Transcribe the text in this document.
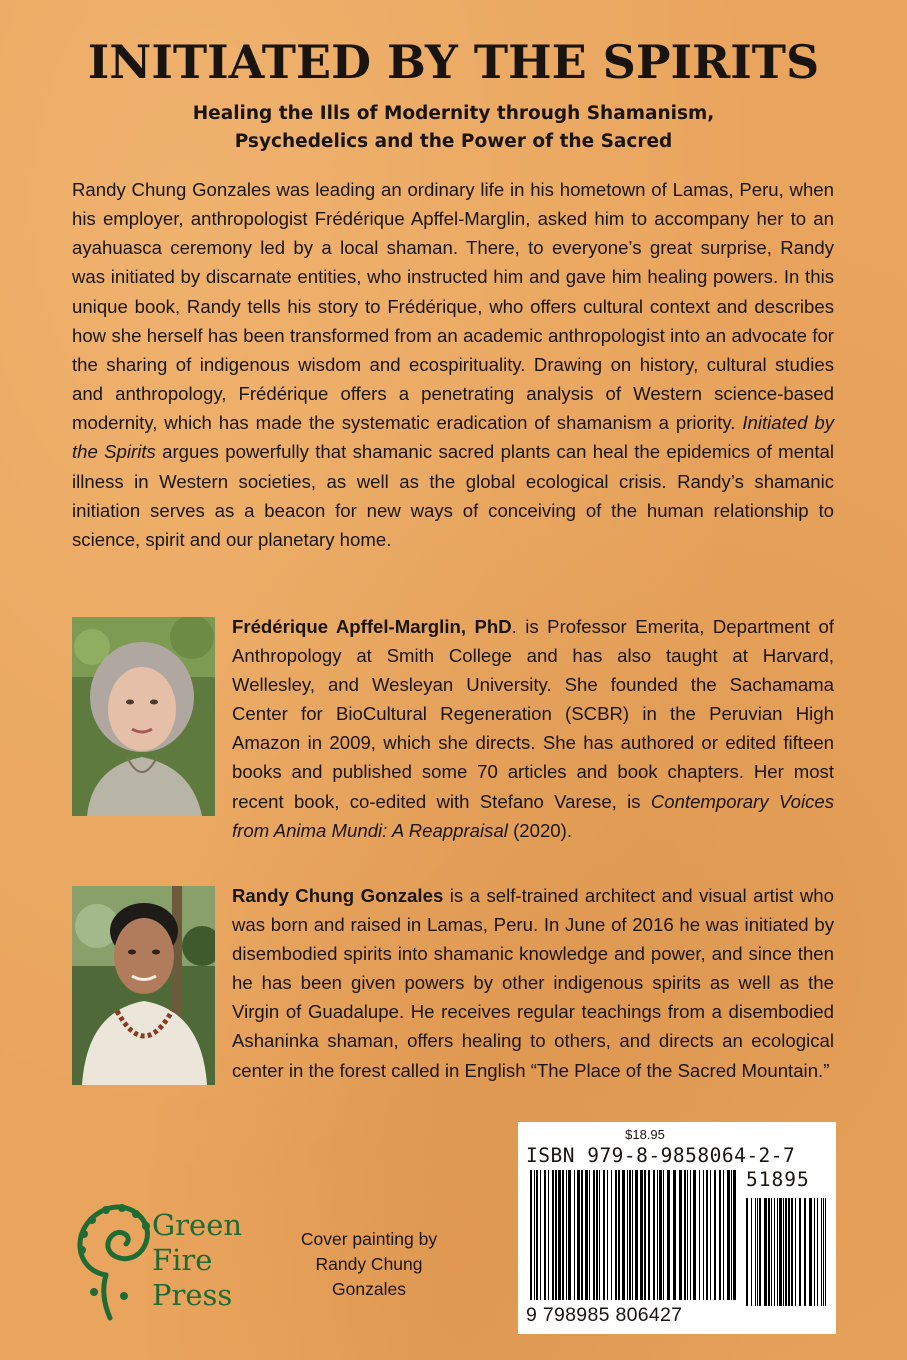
INITIATED BY THE SPIRITS
Healing the Ills of Modernity through Shamanism,
Psychedelics and the Power of the Sacred

Randy Chung Gonzales was leading an ordinary life in his hometown of Lamas, Peru, when his employer, anthropologist Frédérique Apffel-Marglin, asked him to accompany her to an ayahuasca ceremony led by a local shaman. There, to everyone’s great surprise, Randy was initiated by discarnate entities, who instructed him and gave him healing powers. In this unique book, Randy tells his story to Frédérique, who offers cultural context and describes how she herself has been transformed from an academic anthropologist into an advocate for the sharing of indigenous wisdom and ecospirituality. Drawing on history, cultural studies and anthropology, Frédérique offers a penetrating analysis of Western science-based modernity, which has made the systematic eradication of shamanism a priority. Initiated by the Spirits argues powerfully that shamanic sacred plants can heal the epidemics of mental illness in Western societies, as well as the global ecological crisis. Randy’s shamanic initiation serves as a beacon for new ways of conceiving of the human relationship to science, spirit and our planetary home.

Frédérique Apffel-Marglin, PhD. is Professor Emerita, Department of Anthropology at Smith College and has also taught at Harvard, Wellesley, and Wesleyan University. She founded the Sachamama Center for BioCultural Regeneration (SCBR) in the Peruvian High Amazon in 2009, which she directs. She has authored or edited fifteen books and published some 70 articles and book chapters. Her most recent book, co-edited with Stefano Varese, is Contemporary Voices from Anima Mundi: A Reappraisal (2020).

Randy Chung Gonzales is a self-trained architect and visual artist who was born and raised in Lamas, Peru. In June of 2016 he was initiated by disembodied spirits into shamanic knowledge and power, and since then he has been given powers by other indigenous spirits as well as the Virgin of Guadalupe. He receives regular teachings from a disembodied Ashaninka shaman, offers healing to others, and directs an ecological center in the forest called in English “The Place of the Sacred Mountain.”

$18.95
ISBN 979-8-9858064-2-7
51895
9 798985 806427
Green
Fire
Press
Cover painting by
Randy Chung
Gonzales
